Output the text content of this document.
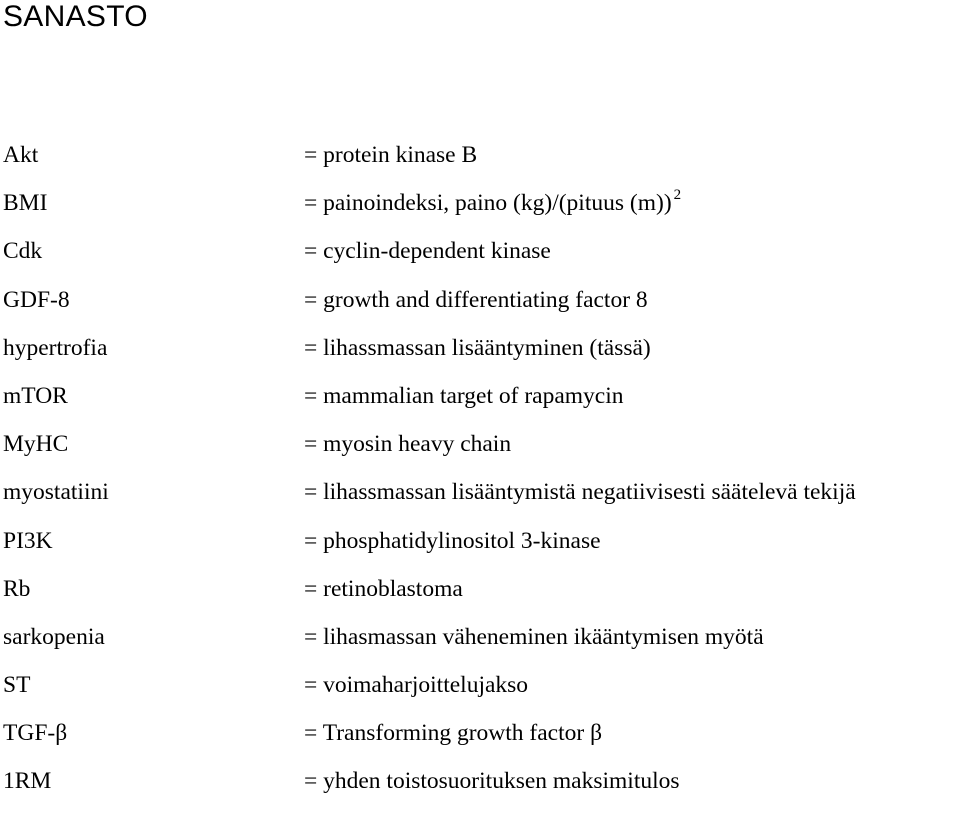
SANASTO
Akt	= protein kinase B
BMI	= painoindeksi, paino (kg)/(pituus (m)) $^2$
Cdk	= cyclin-dependent kinase
GDF-8	= growth and differentiating factor 8
hypertrofia	= lihassmassan lisääntyminen (tässä)
mTOR	= mammalian target of rapamycin
MyHC	= myosin heavy chain
myostatiini	= lihassmassan lisääntymistä negatiivisesti säätelevä tekijä
PI3K	= phosphatidylinositol 3-kinase
Rb	= retinoblastoma
sarkopenia	= lihasmassan väheneminen ikääntymisen myötä
ST	= voimaharjoittelujakso
TGF-β	= Transforming growth factor β
1RM	= yhden toistosuorituksen maksimitulos
